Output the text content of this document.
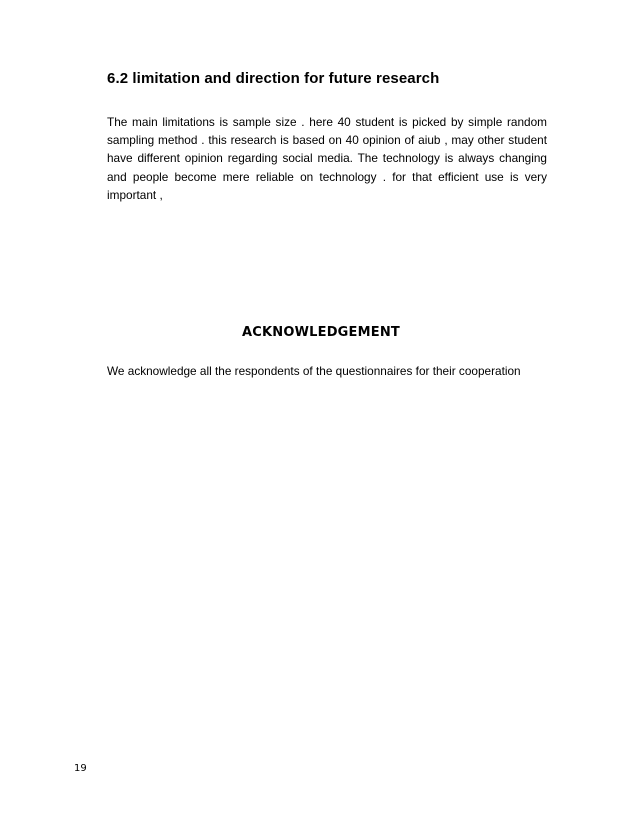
6.2 limitation and direction for future research
The main limitations is sample size . here 40 student is picked by simple random sampling method . this research is based on 40 opinion of aiub , may other student have different opinion regarding social media. The technology is always changing and people become mere reliable on technology . for that efficient use is very important ,
ACKNOWLEDGEMENT
We acknowledge all the respondents of the questionnaires for their cooperation
19
